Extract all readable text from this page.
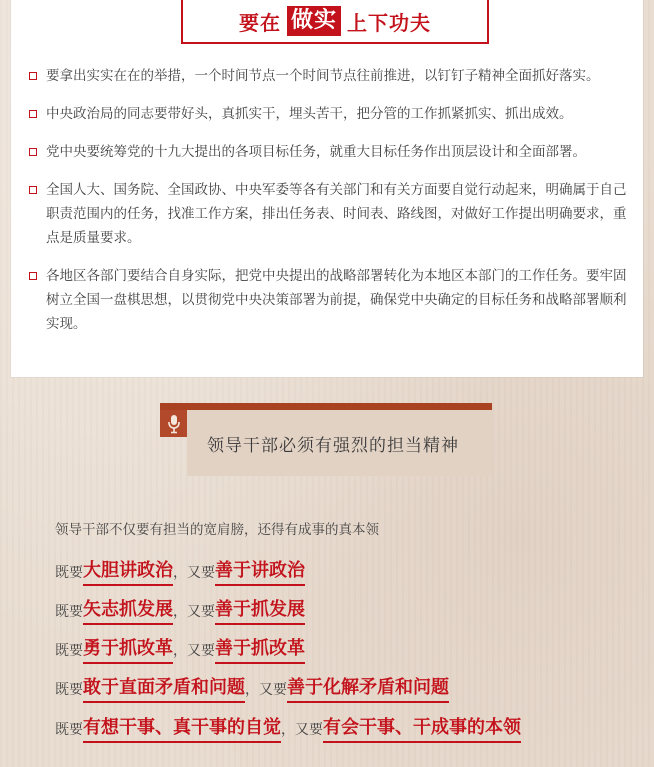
要在 做实 上下功夫
要拿出实实在在的举措，一个时间节点一个时间节点往前推进，以钉钉子精神全面抓好落实。
中央政治局的同志要带好头，真抓实干，埋头苦干，把分管的工作抓紧抓实、抓出成效。
党中央要统筹党的十九大提出的各项目标任务，就重大目标任务作出顶层设计和全面部署。
全国人大、国务院、全国政协、中央军委等各有关部门和有关方面要自觉行动起来，明确属于自己职责范围内的任务，找准工作方案，排出任务表、时间表、路线图，对做好工作提出明确要求，重点是质量要求。
各地区各部门要结合自身实际，把党中央提出的战略部署转化为本地区本部门的工作任务。要牢固树立全国一盘棋思想，以贯彻党中央决策部署为前提，确保党中央确定的目标任务和战略部署顺利实现。
领导干部必须有强烈的担当精神
领导干部不仅要有担当的宽肩膀，还得有成事的真本领
既要 大胆讲政治 ，又要 善于讲政治
既要 矢志抓发展 ，又要 善于抓发展
既要 勇于抓改革 ，又要 善于抓改革
既要 敢于直面矛盾和问题 ，又要 善于化解矛盾和问题
既要 有想干事、真干事的自觉 ，又要 有会干事、干成事的本领
